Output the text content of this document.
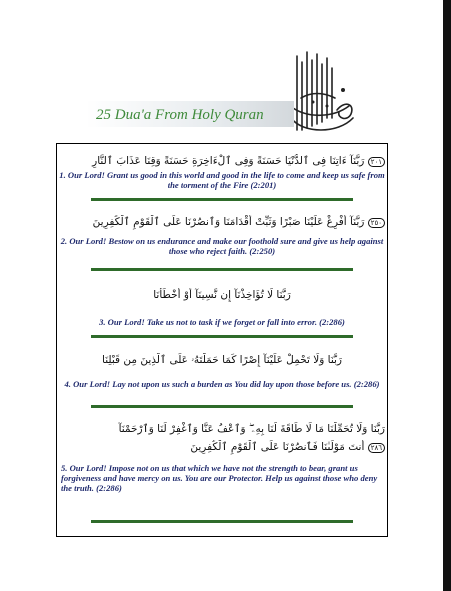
25 Dua'a From Holy Quran
٢٠١ رَبَّنَآ ءَاتِنَا فِى ٱلدُّنْيَا حَسَنَةً وَفِى ٱلْءَاخِرَةِ حَسَنَةً وَقِنَا عَذَابَ ٱلنَّارِ
1. Our Lord! Grant us good in this world and good in the life to come and keep us safe from the torment of the Fire (2:201)
٢٥٠ رَبَّنَآ أَفْرِغْ عَلَيْنَا صَبْرًا وَثَبِّتْ أَقْدَامَنَا وَٱنصُرْنَا عَلَى ٱلْقَوْمِ ٱلْكَٰفِرِينَ
2. Our Lord! Bestow on us endurance and make our foothold sure and give us help against those who reject faith. (2:250)
رَبَّنَا لَا تُؤَاخِذْنَآ إِن نَّسِينَآ أَوْ أَخْطَأْنَا
3. Our Lord! Take us not to task if we forget or fall into error. (2:286)
رَبَّنَا وَلَا تَحْمِلْ عَلَيْنَآ إِصْرًا كَمَا حَمَلْتَهُۥ عَلَى ٱلَّذِينَ مِن قَبْلِنَا
4. Our Lord! Lay not upon us such a burden as You did lay upon those before us. (2:286)
رَبَّنَا وَلَا تُحَمِّلْنَا مَا لَا طَاقَةَ لَنَا بِهِۦ ۖ وَٱعْفُ عَنَّا وَٱغْفِرْ لَنَا وَٱرْحَمْنَآ
٢٨٦ أَنتَ مَوْلَىٰنَا فَٱنصُرْنَا عَلَى ٱلْقَوْمِ ٱلْكَٰفِرِينَ
5. Our Lord! Impose not on us that which we have not the strength to bear, grant us forgiveness and have mercy on us. You are our Protector. Help us against those who deny the truth. (2:286)
